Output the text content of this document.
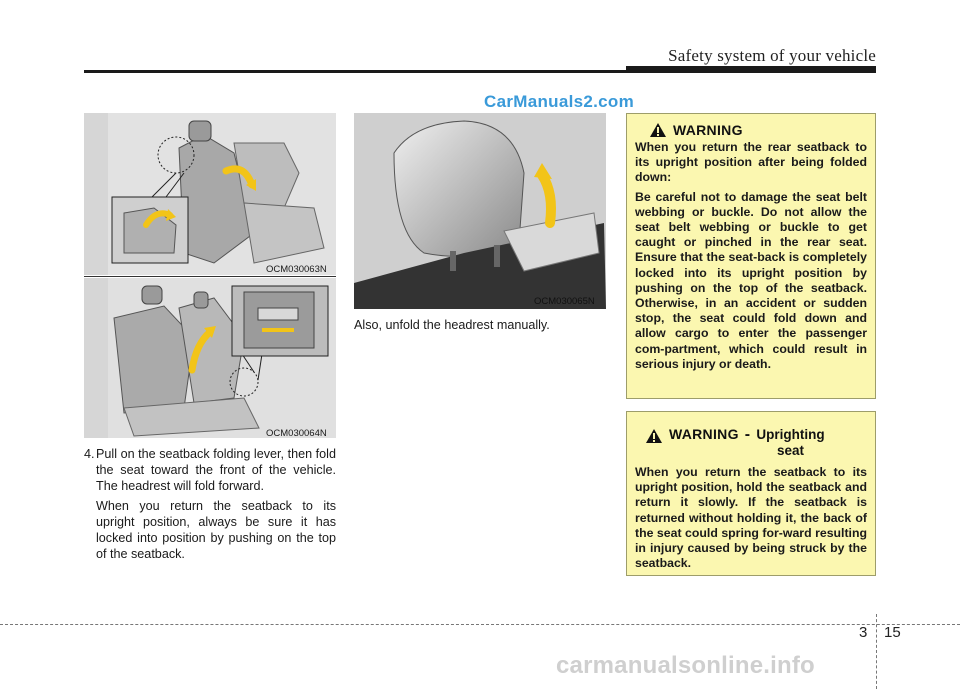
Safety system of your vehicle
CarManuals2.com
OCM030063N
OCM030064N
4. Pull on the seatback folding lever, then fold the seat toward the front of the vehicle. The headrest will fold forward.

When you return the seatback to its upright position, always be sure it has locked into position by pushing on the top of the seatback.

OCM030065N
Also, unfold the headrest manually.
WARNING

When you return the rear seatback to its upright position after being folded down:

Be careful not to damage the seat belt webbing or buckle. Do not allow the seat belt webbing or buckle to get caught or pinched in the rear seat. Ensure that the seat-back is completely locked into its upright position by pushing on the top of the seatback. Otherwise, in an accident or sudden stop, the seat could fold down and allow cargo to enter the passenger com-partment, which could result in serious injury or death.

WARNING - Uprighting
seat

When you return the seatback to its upright position, hold the seatback and return it slowly. If the seatback is returned without holding it, the back of the seat could spring for-ward resulting in injury caused by being struck by the seatback.

3 15
carmanualsonline.info
